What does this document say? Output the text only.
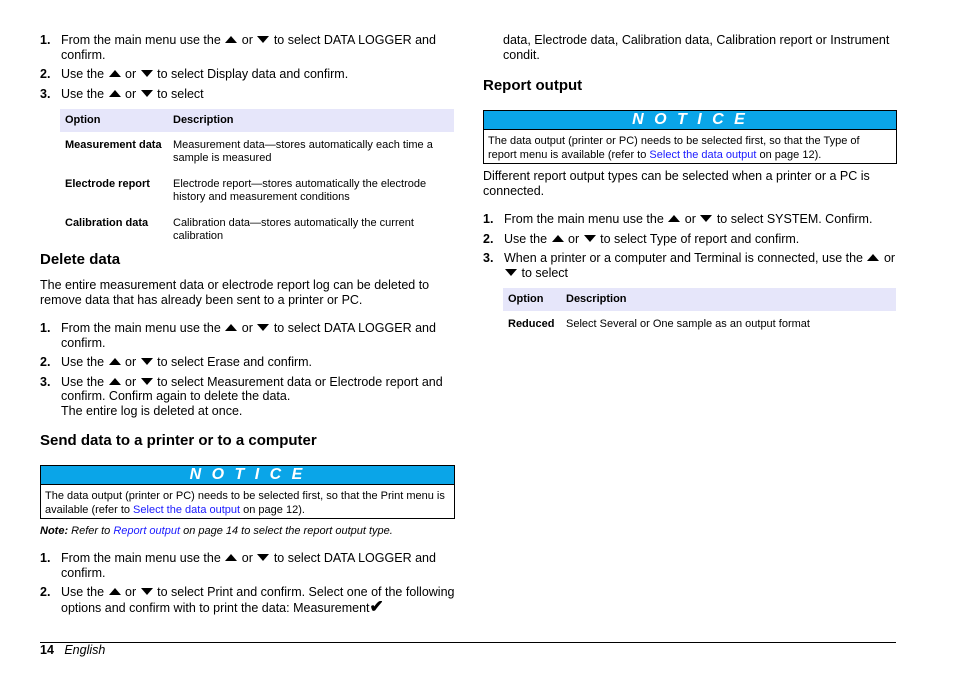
1. From the main menu use the  or  to select DATA LOGGER and confirm.
2. Use the  or  to select Display data and confirm.
3. Use the  or  to select
Option	Description
Measurement data	Measurement data—stores automatically each time a sample is measured
Electrode report	Electrode report—stores automatically the electrode history and measurement conditions
Calibration data	Calibration data—stores automatically the current calibration
Delete data

The entire measurement data or electrode report log can be deleted to remove data that has already been sent to a printer or PC.

1. From the main menu use the  or  to select DATA LOGGER and confirm.
2. Use the  or  to select Erase and confirm.
3. Use the  or  to select Measurement data or Electrode report and confirm. Confirm again to delete the data.
The entire log is deleted at once.
Send data to a printer or to a computer
N O T I C E
The data output (printer or PC) needs to be selected first, so that the Print menu is available (refer to Select the data output on page 12).

Note: Refer to Report output on page 14 to select the report output type.

1. From the main menu use the  or  to select DATA LOGGER and confirm.
2. Use the  or  to select Print and confirm. Select one of the following options and confirm with to print the data: Measurement✔

data, Electrode data, Calibration data, Calibration report or Instrument condit.

Report output
N O T I C E
The data output (printer or PC) needs to be selected first, so that the Type of report menu is available (refer to Select the data output on page 12).

Different report output types can be selected when a printer or a PC is connected.

1. From the main menu use the  or  to select SYSTEM. Confirm.
2. Use the  or  to select Type of report and confirm.
3. When a printer or a computer and Terminal is connected, use the  or  to select
Option	Description
Reduced	Select Several or One sample as an output format
14 English
